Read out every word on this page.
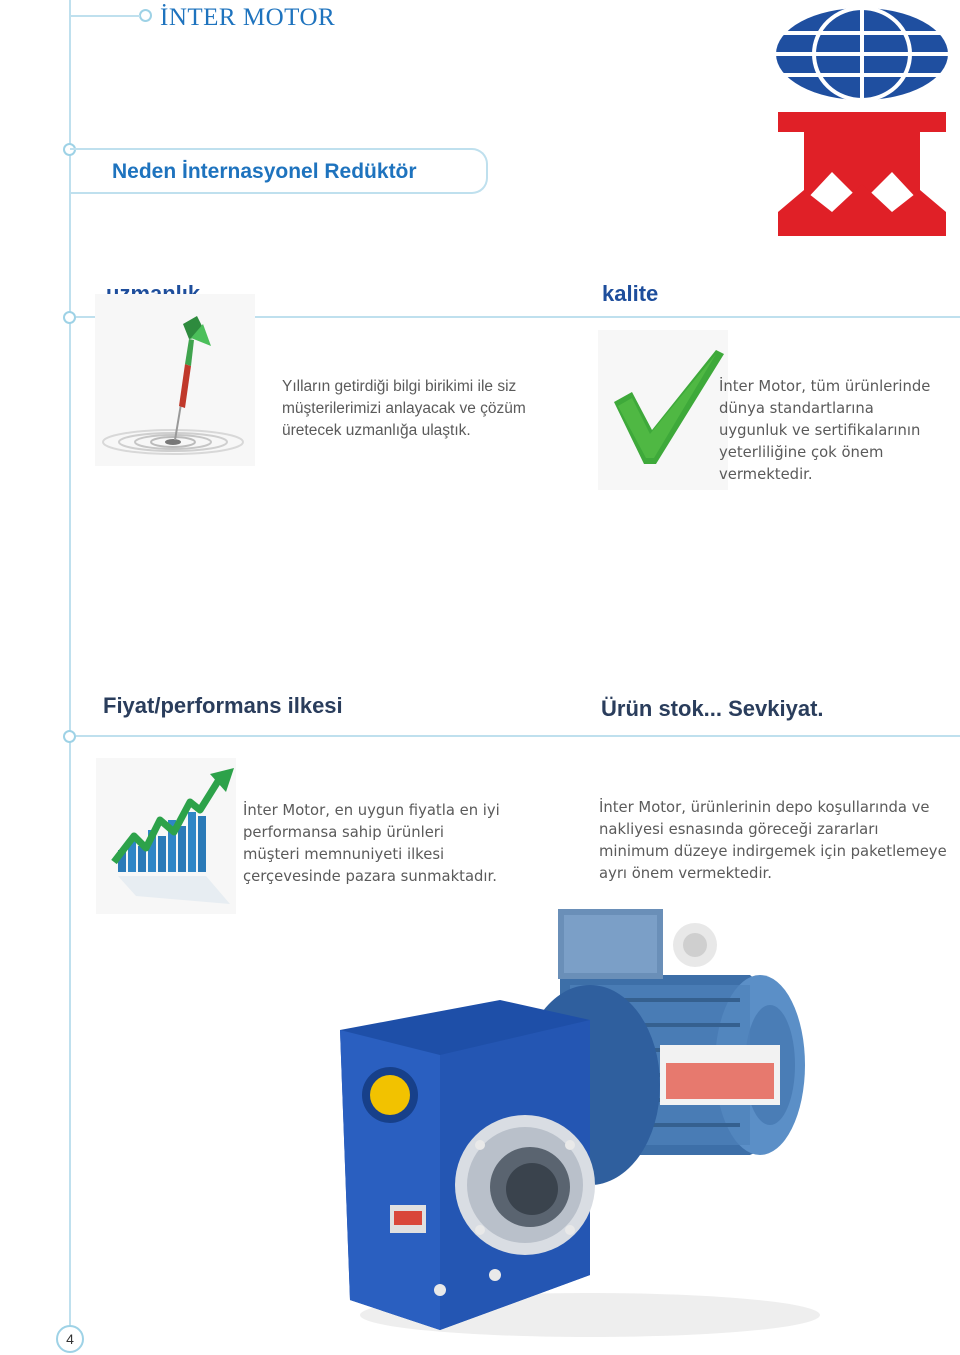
İNTER MOTOR
Neden İnternasyonel Redüktör
kalite
Yılların getirdiği bilgi birikimi ile siz müşterilerimizi anlayacak ve çözüm üretecek uzmanlığa ulaştık.
İnter Motor, tüm ürünlerinde dünya standartlarına uygunluk ve sertifikalarının yeterliliğine çok önem vermektedir.
Fiyat/performans ilkesi	Ürün stok... Sevkiyat.
İnter Motor, en uygun fiyatla en iyi performansa sahip ürünleri müşteri memnuniyeti ilkesi çerçevesinde pazara sunmaktadır.
İnter Motor, ürünlerinin depo koşullarında ve nakliyesi esnasında göreceği zararları minimum düzeye indirgemek için paketlemeye ayrı önem vermektedir.
4
